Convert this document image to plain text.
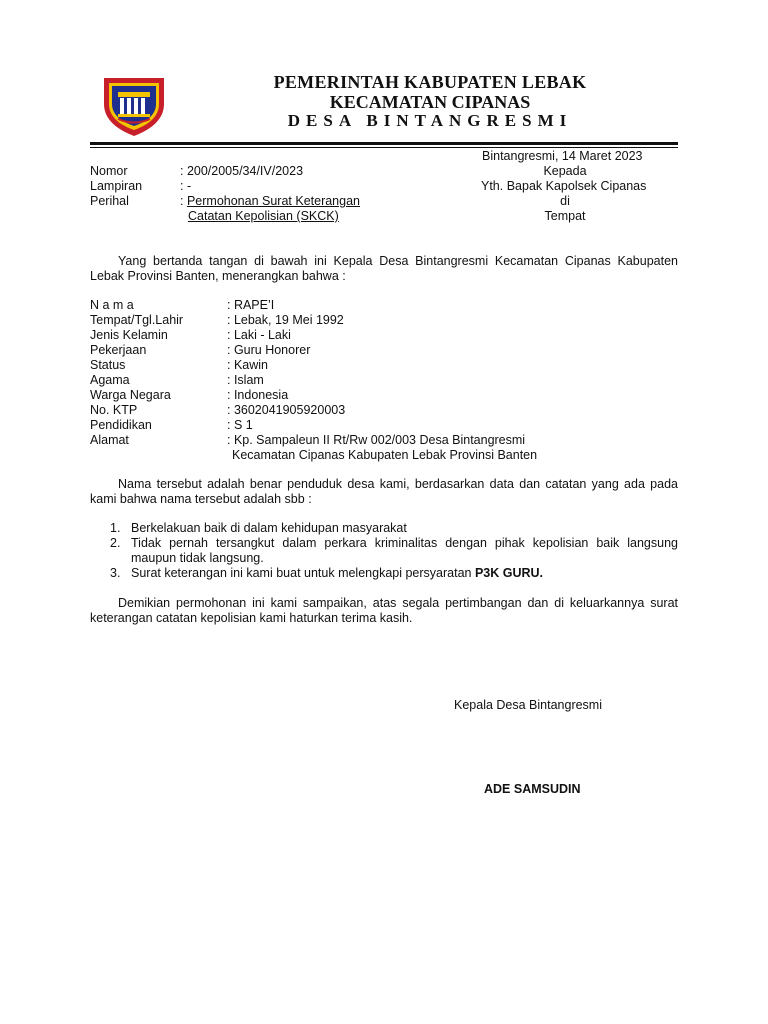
PEMERINTAH KABUPATEN LEBAK
KECAMATAN CIPANAS
DESA BINTANGRESMI
Bintangresmi, 14 Maret 2023
Kepada
Yth. Bapak Kapolsek Cipanas
di
Tempat
Nomor	: 200/2005/34/IV/2023
Lampiran	: -
Perihal	: Permohonan Surat Keterangan
Catatan Kepolisian (SKCK)
Yang bertanda tangan di bawah ini Kepala Desa Bintangresmi Kecamatan Cipanas Kabupaten Lebak Provinsi Banten, menerangkan bahwa :
N a m a	: RAPE’I
Tempat/Tgl.Lahir	: Lebak, 19 Mei 1992
Jenis Kelamin	: Laki - Laki
Pekerjaan	: Guru Honorer
Status	: Kawin
Agama	: Islam
Warga Negara	: Indonesia
No. KTP	: 3602041905920003
Pendidikan	: S 1
Alamat	: Kp. Sampaleun II Rt/Rw 002/003 Desa Bintangresmi
Kecamatan Cipanas Kabupaten Lebak Provinsi Banten
Nama tersebut adalah benar penduduk desa kami, berdasarkan data dan catatan yang ada pada kami bahwa nama tersebut adalah sbb :
1. Berkelakuan baik di dalam kehidupan masyarakat
2. Tidak pernah tersangkut dalam perkara kriminalitas dengan pihak kepolisian baik langsung maupun tidak langsung.
3. Surat keterangan ini kami buat untuk melengkapi persyaratan P3K GURU.
Demikian permohonan ini kami sampaikan, atas segala pertimbangan dan di keluarkannya surat keterangan catatan kepolisian kami haturkan terima kasih.
Kepala Desa Bintangresmi
ADE SAMSUDIN
